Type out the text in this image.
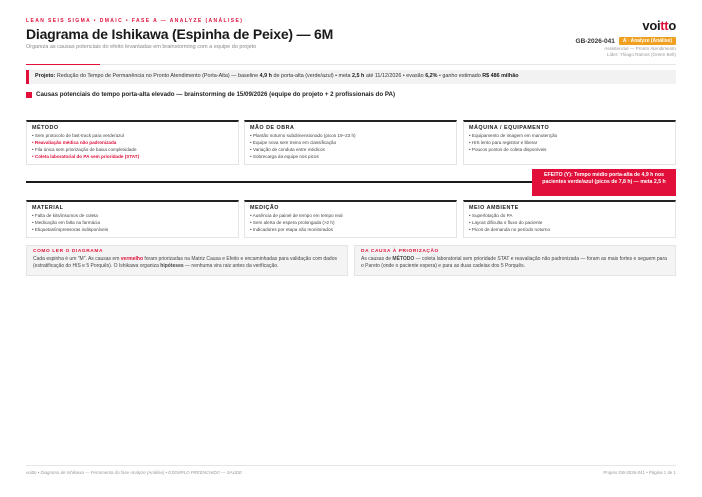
LEAN SEIS SIGMA • DMAIC • FASE A — ANALYZE (ANÁLISE)
Diagrama de Ishikawa (Espinha de Peixe) — 6M
Organiza as causas potenciais do efeito levantadas em brainstorming com a equipe do projeto
voitto
GB-2026-041	A · Analyze (Análise)
Assistencial — Pronto Atendimento
Líder: Thiago Ramos (Green Belt)
Projeto: Redução do Tempo de Permanência no Pronto Atendimento (Porta-Alta) — baseline 4,9 h de porta-alta (verde/azul) • meta 2,5 h até 11/12/2026 • evasão 6,2% • ganho estimado R$ 486 milhão
Causas potenciais do tempo porta-alta elevado — brainstorming de 15/09/2026 (equipe do projeto + 2 profissionais do PA)
MÉTODO
• Sem protocolo de fast-track para verde/azul
• Reavaliação médica não padronizada
• Fila única sem priorização de baixa complexidade
• Coleta laboratorial do PA sem prioridade (STAT)
MÃO DE OBRA
• Plantão noturno subdimensionado (picos 19–23 h)
• Equipe nova sem treino em classificação
• Variação de conduta entre médicos
• Sobrecarga da equipe nos picos
MÁQUINA / EQUIPAMENTO
• Equipamento de imagem em manutenção
• HIS lento para registrar e liberar
• Poucos pontos de coleta disponíveis
EFEITO (Y): Tempo médio porta-alta de 4,9 h nos pacientes verde/azul (picos de 7,8 h) — meta 2,5 h
MATERIAL
• Falta de kits/insumos de coleta
• Medicação em falta na farmácia
• Etiquetas/impressoras indisponíveis
MEDIÇÃO
• Ausência de painel de tempo em tempo real
• Sem alerta de espera prolongada (>2 h)
• Indicadores por etapa não monitorados
MEIO AMBIENTE
• Superlotação do PA
• Layout dificulta o fluxo do paciente
• Picos de demanda no período noturno
COMO LER O DIAGRAMA
Cada espinha é um "M". As causas em vermelho foram priorizadas na Matriz Causa e Efeito e encaminhadas para validação com dados (estratificação do HIS e 5 Porquês). O Ishikawa organiza hipóteses — nenhuma vira raiz antes da verificação.
DA CAUSA À PRIORIZAÇÃO
As causas de MÉTODO — coleta laboratorial sem prioridade STAT e reavaliação não padronizada — foram as mais fortes e seguem para o Pareto (onde o paciente espera) e para as duas cadeias dos 5 Porquês.
voitto • Diagrama de Ishikawa — Ferramenta da fase Analyze (Análise) • EXEMPLO PREENCHIDO — SAÚDE	Projeto GB-2026-041 • Página 1 de 1
